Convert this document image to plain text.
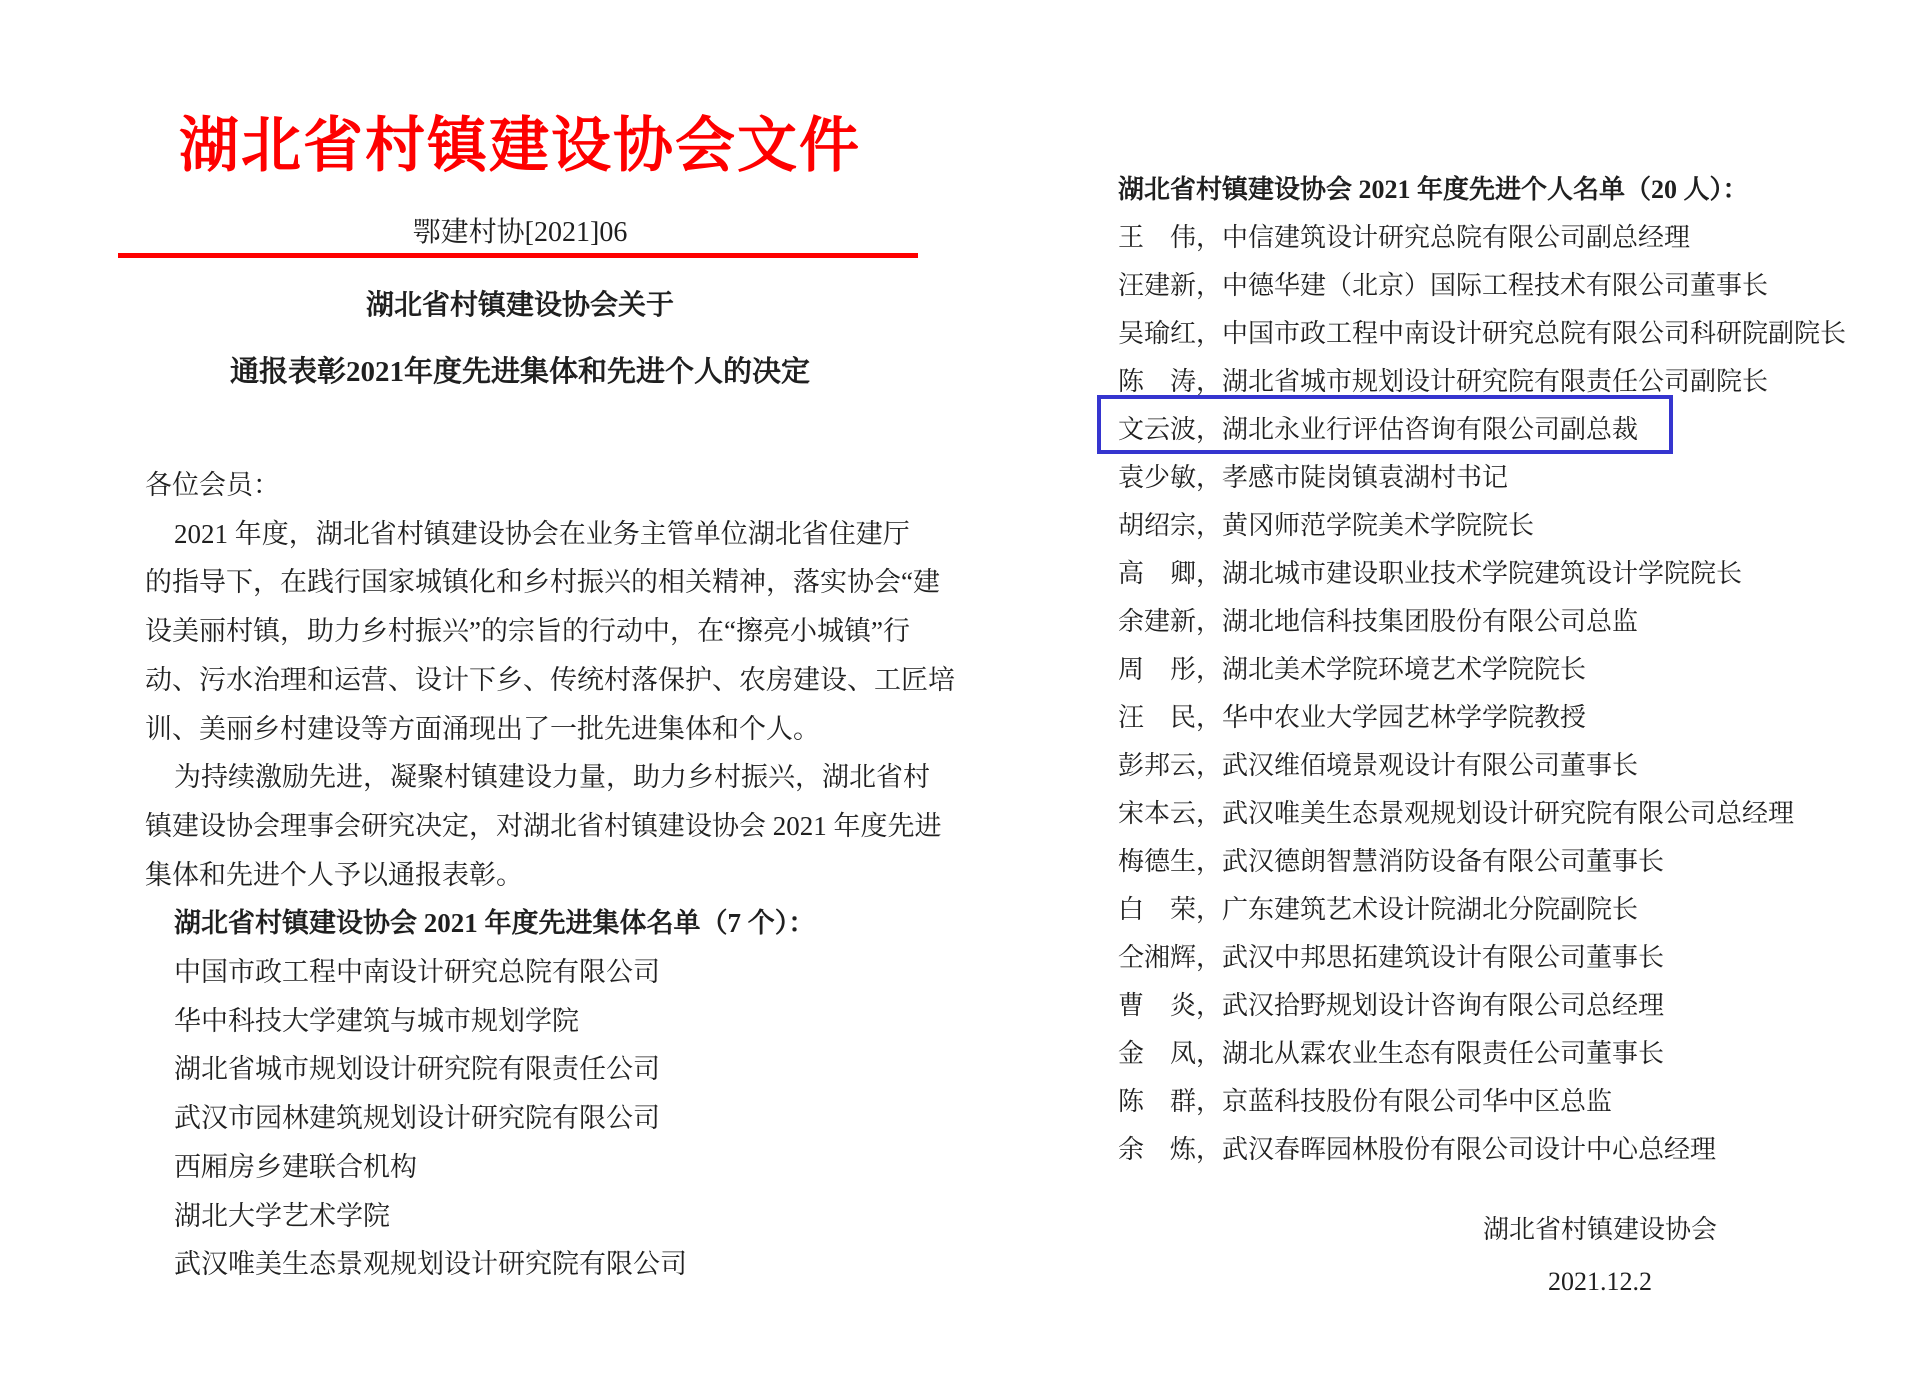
湖北省村镇建设协会文件
鄂建村协[2021]06
湖北省村镇建设协会关于
通报表彰2021年度先进集体和先进个人的决定
各位会员：
2021 年度，湖北省村镇建设协会在业务主管单位湖北省住建厅
的指导下，在践行国家城镇化和乡村振兴的相关精神，落实协会“建
设美丽村镇，助力乡村振兴”的宗旨的行动中，在“擦亮小城镇”行
动、污水治理和运营、设计下乡、传统村落保护、农房建设、工匠培
训、美丽乡村建设等方面涌现出了一批先进集体和个人。
为持续激励先进，凝聚村镇建设力量，助力乡村振兴，湖北省村
镇建设协会理事会研究决定，对湖北省村镇建设协会 2021 年度先进
集体和先进个人予以通报表彰。
湖北省村镇建设协会 2021 年度先进集体名单（7 个）：
中国市政工程中南设计研究总院有限公司
华中科技大学建筑与城市规划学院
湖北省城市规划设计研究院有限责任公司
武汉市园林建筑规划设计研究院有限公司
西厢房乡建联合机构
湖北大学艺术学院
武汉唯美生态景观规划设计研究院有限公司
湖北省村镇建设协会 2021 年度先进个人名单（20 人）：
王　伟，中信建筑设计研究总院有限公司副总经理
汪建新，中德华建（北京）国际工程技术有限公司董事长
吴瑜红，中国市政工程中南设计研究总院有限公司科研院副院长
陈　涛，湖北省城市规划设计研究院有限责任公司副院长
文云波，湖北永业行评估咨询有限公司副总裁
袁少敏，孝感市陡岗镇袁湖村书记
胡绍宗，黄冈师范学院美术学院院长
高　卿，湖北城市建设职业技术学院建筑设计学院院长
余建新，湖北地信科技集团股份有限公司总监
周　彤，湖北美术学院环境艺术学院院长
汪　民，华中农业大学园艺林学学院教授
彭邦云，武汉维佰境景观设计有限公司董事长
宋本云，武汉唯美生态景观规划设计研究院有限公司总经理
梅德生，武汉德朗智慧消防设备有限公司董事长
白　荣，广东建筑艺术设计院湖北分院副院长
仝湘辉，武汉中邦思拓建筑设计有限公司董事长
曹　炎，武汉拾野规划设计咨询有限公司总经理
金　凤，湖北从霖农业生态有限责任公司董事长
陈　群，京蓝科技股份有限公司华中区总监
余　炼，武汉春晖园林股份有限公司设计中心总经理
湖北省村镇建设协会
2021.12.2
